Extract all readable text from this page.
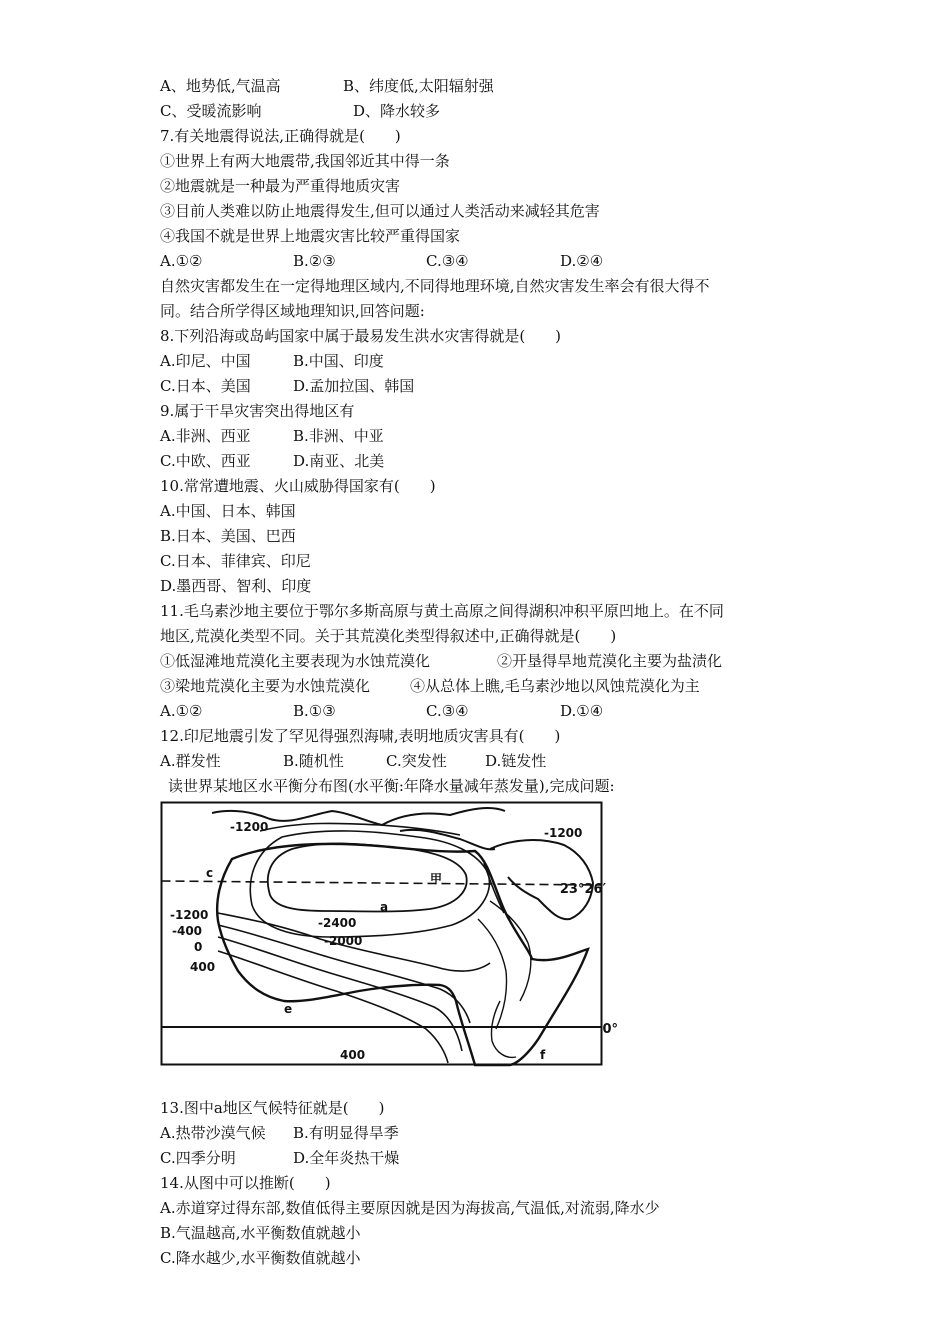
A、地势低,气温高	B、纬度低,太阳辐射强
C、受暖流影响	D、降水较多
7.有关地震得说法,正确得就是(　　)
①世界上有两大地震带,我国邻近其中得一条
②地震就是一种最为严重得地质灾害
③目前人类难以防止地震得发生,但可以通过人类活动来减轻其危害
④我国不就是世界上地震灾害比较严重得国家
A.①②	B.②③	C.③④	D.②④
自然灾害都发生在一定得地理区域内,不同得地理环境,自然灾害发生率会有很大得不
同。结合所学得区域地理知识,回答问题:
8.下列沿海或岛屿国家中属于最易发生洪水灾害得就是(　　)
A.印尼、中国	B.中国、印度
C.日本、美国	D.孟加拉国、韩国
9.属于干旱灾害突出得地区有
A.非洲、西亚	B.非洲、中亚
C.中欧、西亚	D.南亚、北美
10.常常遭地震、火山威胁得国家有(　　)
A.中国、日本、韩国
B.日本、美国、巴西
C.日本、菲律宾、印尼
D.墨西哥、智利、印度
11.毛乌素沙地主要位于鄂尔多斯高原与黄土高原之间得湖积冲积平原凹地上。在不同
地区,荒漠化类型不同。关于其荒漠化类型得叙述中,正确得就是(　　)
①低湿滩地荒漠化主要表现为水蚀荒漠化	②开垦得旱地荒漠化主要为盐渍化
③梁地荒漠化主要为水蚀荒漠化	④从总体上瞧,毛乌素沙地以风蚀荒漠化为主
A.①②	B.①③	C.③④	D.①④
12.印尼地震引发了罕见得强烈海啸,表明地质灾害具有(　　)
A.群发性	B.随机性	C.突发性	D.链发性
读世界某地区水平衡分布图(水平衡:年降水量减年蒸发量),完成问题:
-1200	-1200
-1200
-400
0
400
400
-2400
-2000
23°26′
0°
甲
a
c
e
f
13.图中a地区气候特征就是(　　)
A.热带沙漠气候 B.有明显得旱季
C.四季分明	D.全年炎热干燥
14.从图中可以推断(　　)
A.赤道穿过得东部,数值低得主要原因就是因为海拔高,气温低,对流弱,降水少
B.气温越高,水平衡数值就越小
C.降水越少,水平衡数值就越小
